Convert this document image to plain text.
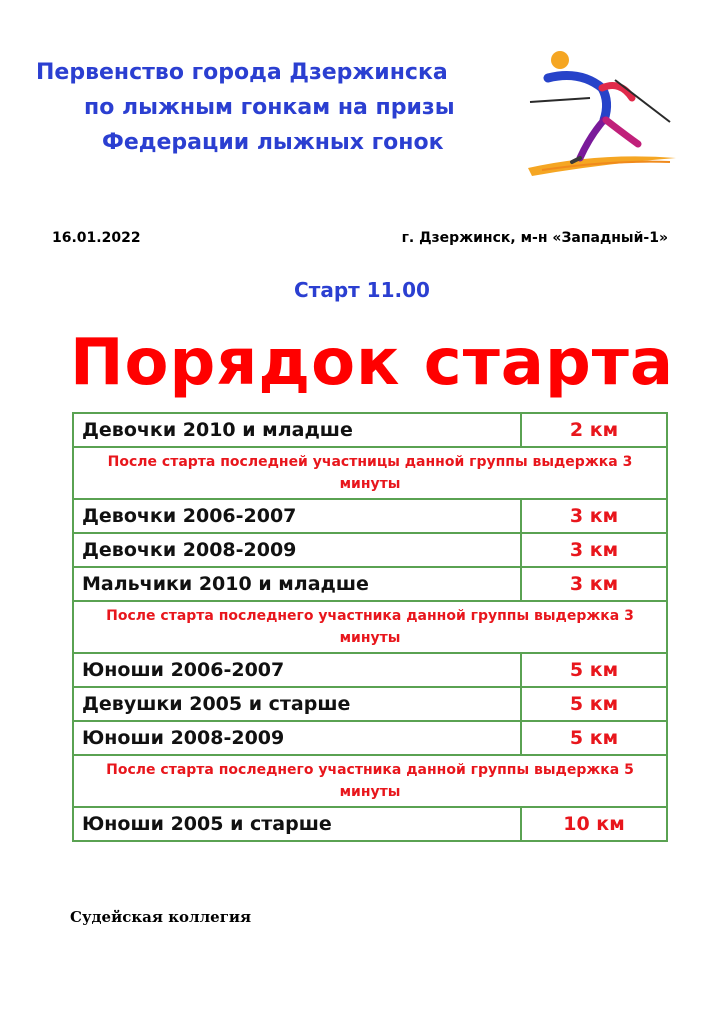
Первенство города Дзержинска
по лыжным гонкам на призы
Федерации лыжных гонок
16.01.2022	г. Дзержинск, м-н «Западный-1»
Старт 11.00
Порядок старта
Девочки 2010 и младше	2 км
После старта последней участницы данной группы выдержка 3 минуты	
Девочки 2006-2007	3 км
Девочки 2008-2009	3 км
Мальчики 2010 и младше	3 км
После старта последнего участника данной группы выдержка 3 минуты	
Юноши 2006-2007	5 км
Девушки 2005 и старше	5 км
Юноши 2008-2009	5 км
После старта последнего участника данной группы выдержка 5 минуты	
Юноши 2005 и старше	10 км
Судейская коллегия
